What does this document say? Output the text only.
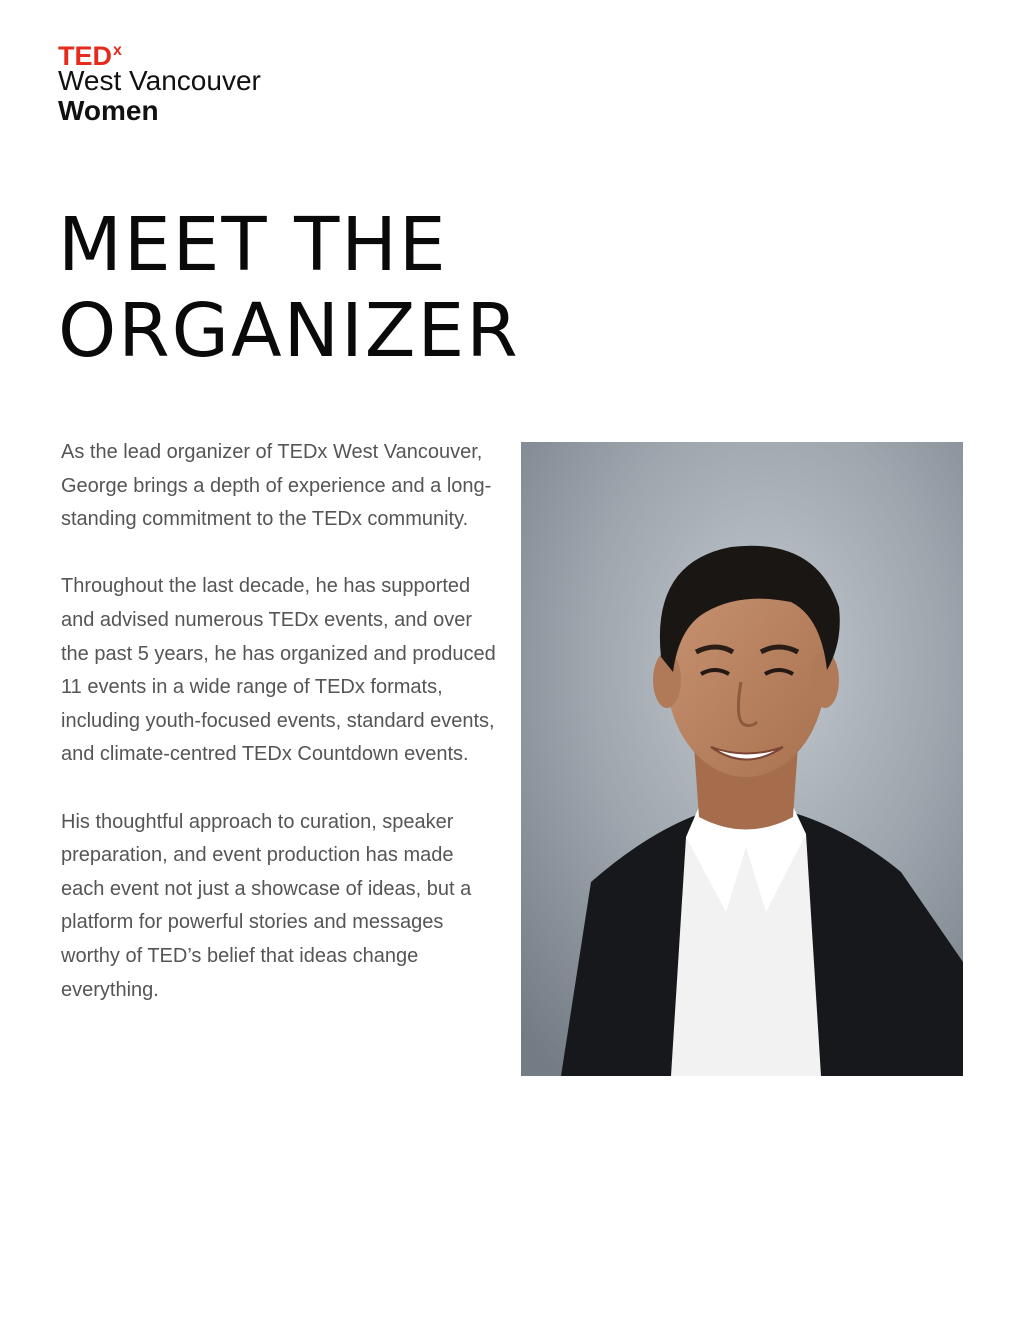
TED$^x$
West Vancouver
Women
MEET THE
ORGANIZER

As the lead organizer of TEDx West Vancouver, George brings a depth of experience and a long-standing commitment to the TEDx community.

Throughout the last decade, he has supported and advised numerous TEDx events, and over the past 5 years, he has organized and produced 11 events in a wide range of TEDx formats, including youth-focused events, standard events, and climate-centred TEDx Countdown events.

His thoughtful approach to curation, speaker preparation, and event production has made each event not just a showcase of ideas, but a platform for powerful stories and messages worthy of TED’s belief that ideas change everything.
